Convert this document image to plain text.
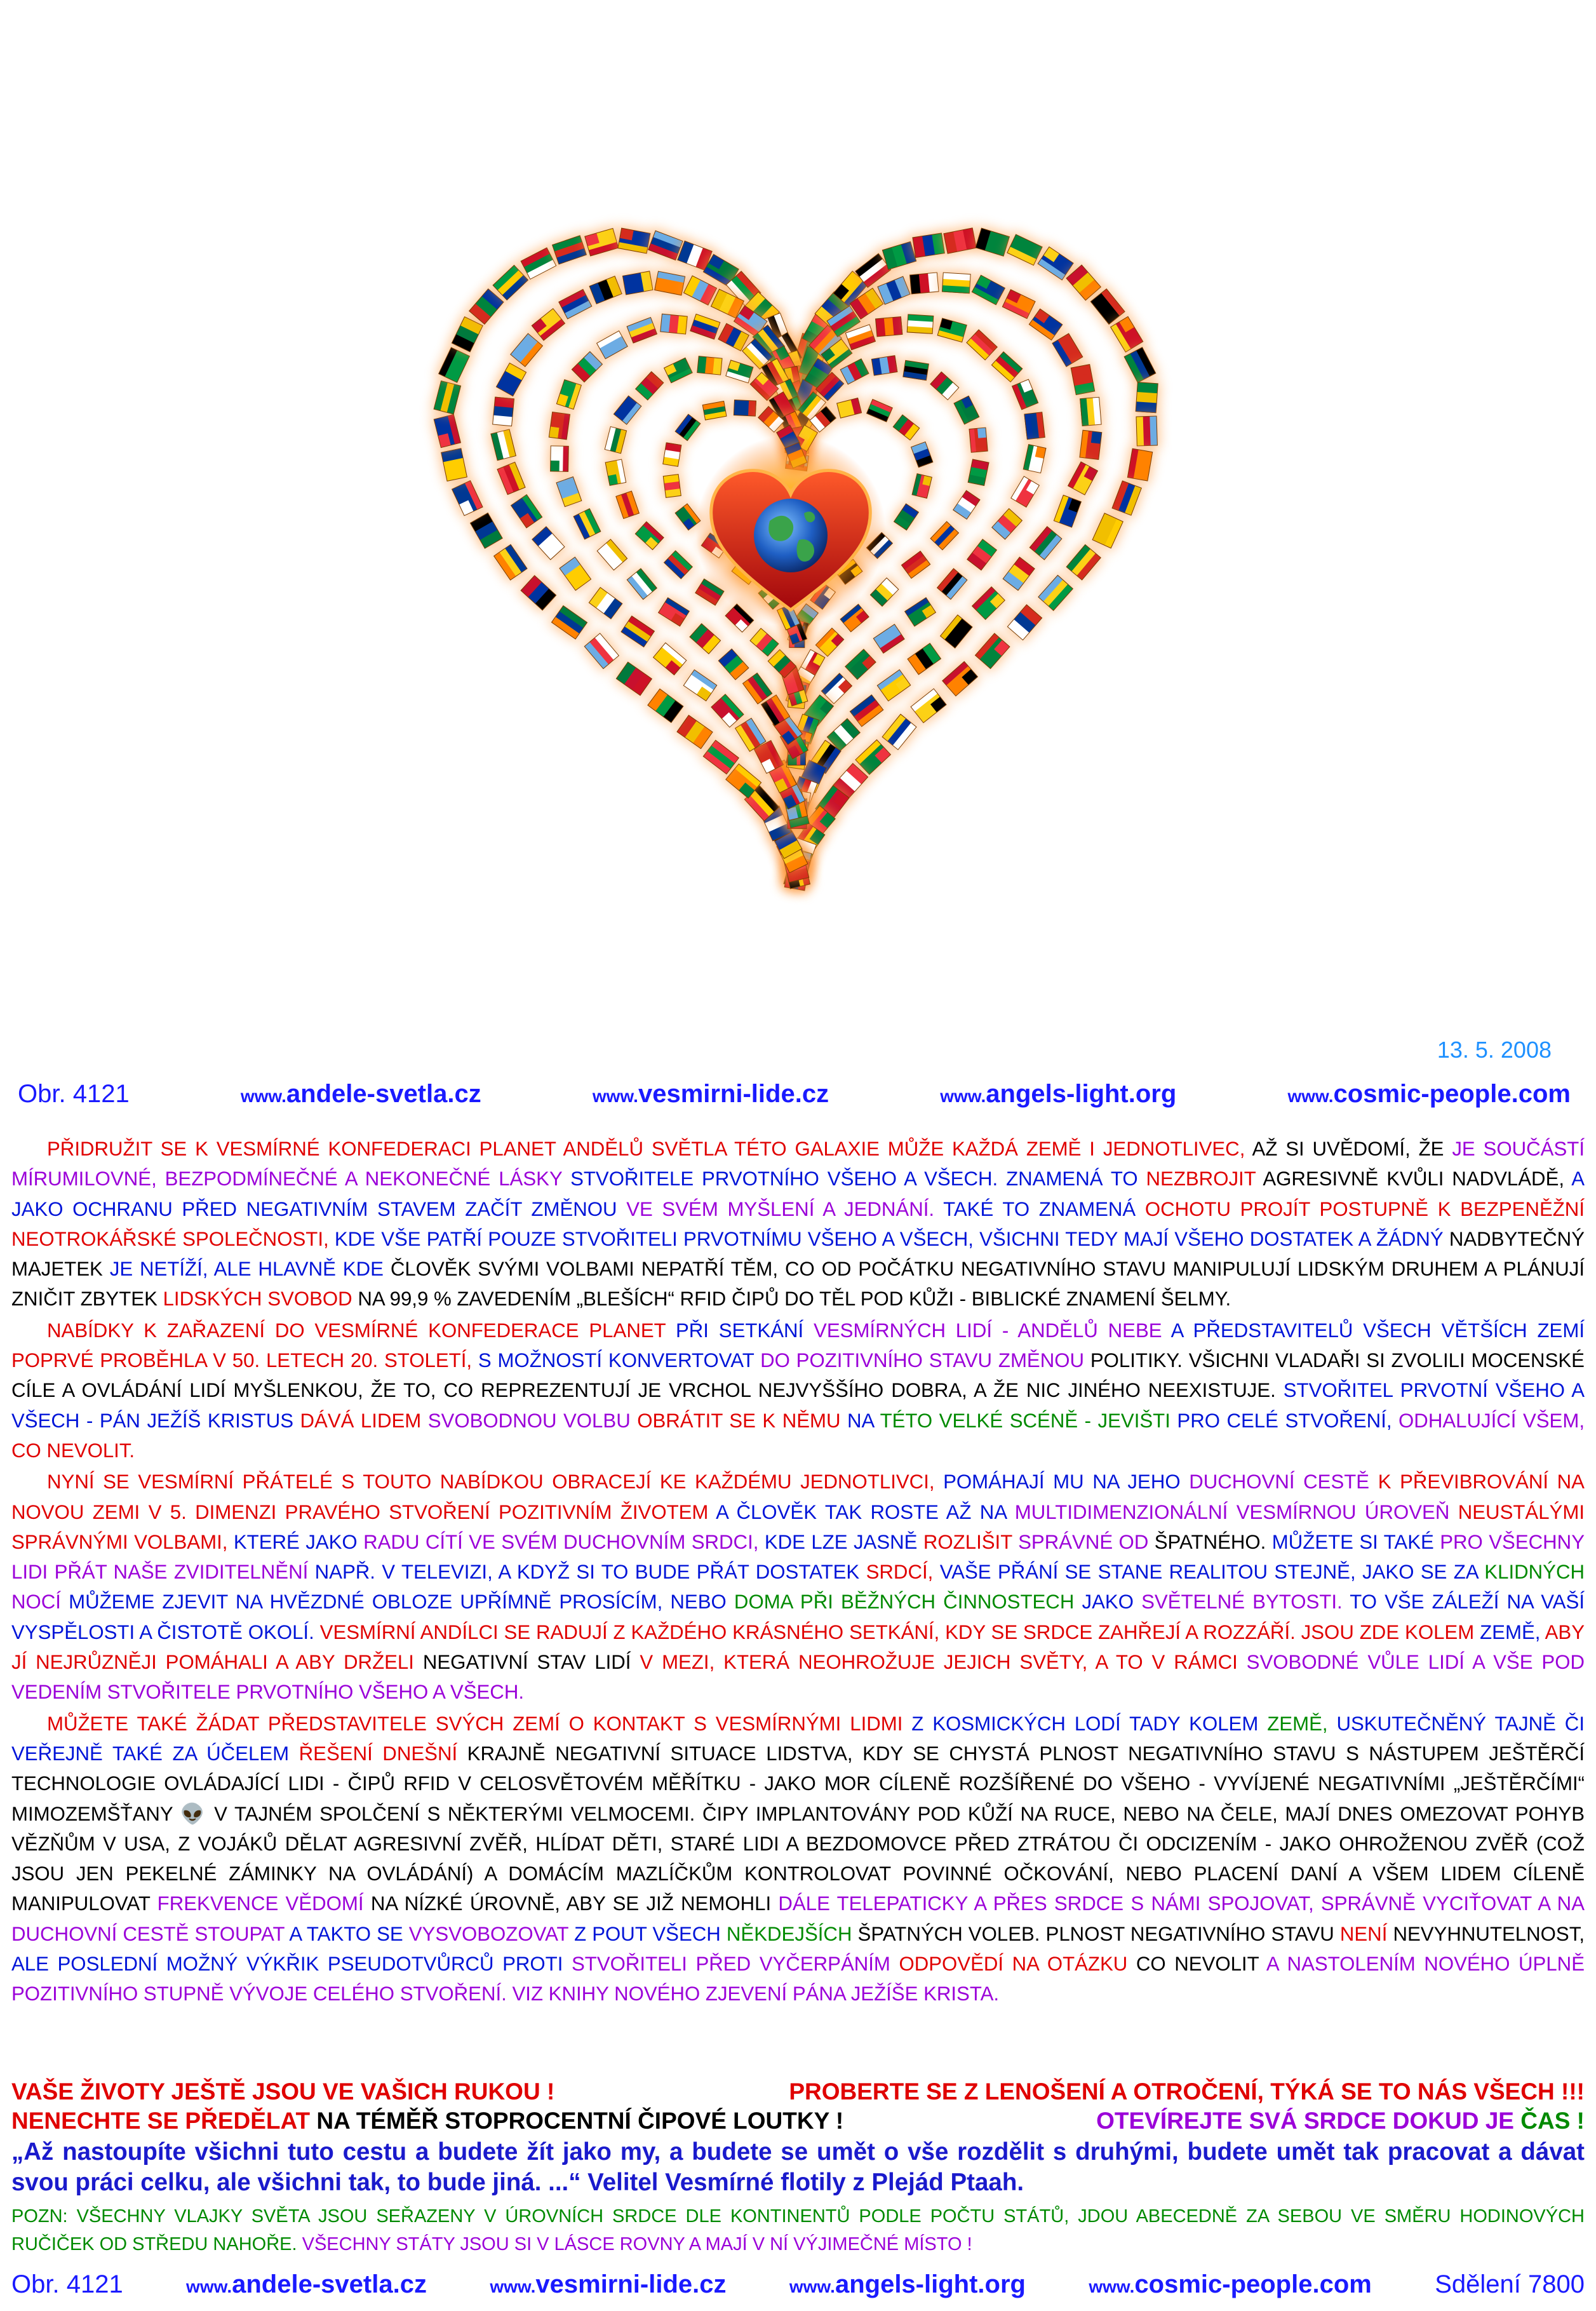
13. 5. 2008
Obr. 4121	www.andele-svetla.cz	www.vesmirni-lide.cz	www.angels-light.org	www.cosmic-people.com

PŘIDRUŽIT SE K VESMÍRNÉ KONFEDERACI PLANET ANDĚLŮ SVĚTLA TÉTO GALAXIE MŮŽE KAŽDÁ ZEMĚ I JEDNOTLIVEC, AŽ SI UVĚDOMÍ, ŽE JE SOUČÁSTÍ MÍRUMILOVNÉ, BEZPODMÍNEČNÉ A NEKONEČNÉ LÁSKY STVOŘITELE PRVOTNÍHO VŠEHO A VŠECH. ZNAMENÁ TO NEZBROJIT AGRESIVNĚ KVŮLI NADVLÁDĚ, A JAKO OCHRANU PŘED NEGATIVNÍM STAVEM ZAČÍT ZMĚNOU VE SVÉM MYŠLENÍ A JEDNÁNÍ. TAKÉ TO ZNAMENÁ OCHOTU PROJÍT POSTUPNĚ K BEZPENĚŽNÍ NEOTROKÁŘSKÉ SPOLEČNOSTI, KDE VŠE PATŘÍ POUZE STVOŘITELI PRVOTNÍMU VŠEHO A VŠECH, VŠICHNI TEDY MAJÍ VŠEHO DOSTATEK A ŽÁDNÝ NADBYTEČNÝ MAJETEK JE NETÍŽÍ, ALE HLAVNĚ KDE ČLOVĚK SVÝMI VOLBAMI NEPATŘÍ TĚM, CO OD POČÁTKU NEGATIVNÍHO STAVU MANIPULUJÍ LIDSKÝM DRUHEM A PLÁNUJÍ ZNIČIT ZBYTEK LIDSKÝCH SVOBOD NA 99,9 % ZAVEDENÍM „BLEŠÍCH“ RFID ČIPŮ DO TĚL POD KŮŽI - BIBLICKÉ ZNAMENÍ ŠELMY.

NABÍDKY K ZAŘAZENÍ DO VESMÍRNÉ KONFEDERACE PLANET PŘI SETKÁNÍ VESMÍRNÝCH LIDÍ - ANDĚLŮ NEBE A PŘEDSTAVITELŮ VŠECH VĚTŠÍCH ZEMÍ POPRVÉ PROBĚHLA V 50. LETECH 20. STOLETÍ, S MOŽNOSTÍ KONVERTOVAT DO POZITIVNÍHO STAVU ZMĚNOU POLITIKY. VŠICHNI VLADAŘI SI ZVOLILI MOCENSKÉ CÍLE A OVLÁDÁNÍ LIDÍ MYŠLENKOU, ŽE TO, CO REPREZENTUJÍ JE VRCHOL NEJVYŠŠÍHO DOBRA, A ŽE NIC JINÉHO NEEXISTUJE. STVOŘITEL PRVOTNÍ VŠEHO A VŠECH - PÁN JEŽÍŠ KRISTUS DÁVÁ LIDEM SVOBODNOU VOLBU OBRÁTIT SE K NĚMU NA TÉTO VELKÉ SCÉNĚ - JEVIŠTI PRO CELÉ STVOŘENÍ, ODHALUJÍCÍ VŠEM, CO NEVOLIT.

NYNÍ SE VESMÍRNÍ PŘÁTELÉ S TOUTO NABÍDKOU OBRACEJÍ KE KAŽDÉMU JEDNOTLIVCI, POMÁHAJÍ MU NA JEHO DUCHOVNÍ CESTĚ K PŘEVIBROVÁNÍ NA NOVOU ZEMI V 5. DIMENZI PRAVÉHO STVOŘENÍ POZITIVNÍM ŽIVOTEM A ČLOVĚK TAK ROSTE AŽ NA MULTIDIMENZIONÁLNÍ VESMÍRNOU ÚROVEŇ NEUSTÁLÝMI SPRÁVNÝMI VOLBAMI, KTERÉ JAKO RADU CÍTÍ VE SVÉM DUCHOVNÍM SRDCI, KDE LZE JASNĚ ROZLIŠIT SPRÁVNÉ OD ŠPATNÉHO. MŮŽETE SI TAKÉ PRO VŠECHNY LIDI PŘÁT NAŠE ZVIDITELNĚNÍ NAPŘ. V TELEVIZI, A KDYŽ SI TO BUDE PŘÁT DOSTATEK SRDCÍ, VAŠE PŘÁNÍ SE STANE REALITOU STEJNĚ, JAKO SE ZA KLIDNÝCH NOCÍ MŮŽEME ZJEVIT NA HVĚZDNÉ OBLOZE UPŘÍMNĚ PROSÍCÍM, NEBO DOMA PŘI BĚŽNÝCH ČINNOSTECH JAKO SVĚTELNÉ BYTOSTI. TO VŠE ZÁLEŽÍ NA VAŠÍ VYSPĚLOSTI A ČISTOTĚ OKOLÍ. VESMÍRNÍ ANDÍLCI SE RADUJÍ Z KAŽDÉHO KRÁSNÉHO SETKÁNÍ, KDY SE SRDCE ZAHŘEJÍ A ROZZÁŘÍ. JSOU ZDE KOLEM ZEMĚ, ABY JÍ NEJRŮZNĚJI POMÁHALI A ABY DRŽELI NEGATIVNÍ STAV LIDÍ V MEZI, KTERÁ NEOHROŽUJE JEJICH SVĚTY, A TO V RÁMCI SVOBODNÉ VŮLE LIDÍ A VŠE POD VEDENÍM STVOŘITELE PRVOTNÍHO VŠEHO A VŠECH.

MŮŽETE TAKÉ ŽÁDAT PŘEDSTAVITELE SVÝCH ZEMÍ O KONTAKT S VESMÍRNÝMI LIDMI Z KOSMICKÝCH LODÍ TADY KOLEM ZEMĚ, USKUTEČNĚNÝ TAJNĚ ČI VEŘEJNĚ TAKÉ ZA ÚČELEM ŘEŠENÍ DNEŠNÍ KRAJNĚ NEGATIVNÍ SITUACE LIDSTVA, KDY SE CHYSTÁ PLNOST NEGATIVNÍHO STAVU S NÁSTUPEM JEŠTĚRČÍ TECHNOLOGIE OVLÁDAJÍCÍ LIDI - ČIPŮ RFID V CELOSVĚTOVÉM MĚŘÍTKU - JAKO MOR CÍLENĚ ROZŠÍŘENÉ DO VŠEHO - VYVÍJENÉ NEGATIVNÍMI „JEŠTĚRČÍMI“ MIMOZEMŠŤANY 👽 V TAJNÉM SPOLČENÍ S NĚKTERÝMI VELMOCEMI. ČIPY IMPLANTOVÁNY POD KŮŽÍ NA RUCE, NEBO NA ČELE, MAJÍ DNES OMEZOVAT POHYB VĚZŇŮM V USA, Z VOJÁKŮ DĚLAT AGRESIVNÍ ZVĚŘ, HLÍDAT DĚTI, STARÉ LIDI A BEZDOMOVCE PŘED ZTRÁTOU ČI ODCIZENÍM - JAKO OHROŽENOU ZVĚŘ (COŽ JSOU JEN PEKELNÉ ZÁMINKY NA OVLÁDÁNÍ) A DOMÁCÍM MAZLÍČKŮM KONTROLOVAT POVINNÉ OČKOVÁNÍ, NEBO PLACENÍ DANÍ A VŠEM LIDEM CÍLENĚ MANIPULOVAT FREKVENCE VĚDOMÍ NA NÍZKÉ ÚROVNĚ, ABY SE JIŽ NEMOHLI DÁLE TELEPATICKY A PŘES SRDCE S NÁMI SPOJOVAT, SPRÁVNĚ VYCIŤOVAT A NA DUCHOVNÍ CESTĚ STOUPAT A TAKTO SE VYSVOBOZOVAT Z POUT VŠECH NĚKDEJŠÍCH ŠPATNÝCH VOLEB. PLNOST NEGATIVNÍHO STAVU NENÍ NEVYHNUTELNOST, ALE POSLEDNÍ MOŽNÝ VÝKŘIK PSEUDOTVŮRCŮ PROTI STVOŘITELI PŘED VYČERPÁNÍM ODPOVĚDÍ NA OTÁZKU CO NEVOLIT A NASTOLENÍM NOVÉHO ÚPLNĚ POZITIVNÍHO STUPNĚ VÝVOJE CELÉHO STVOŘENÍ. VIZ KNIHY NOVÉHO ZJEVENÍ PÁNA JEŽÍŠE KRISTA.

VAŠE ŽIVOTY JEŠTĚ JSOU VE VAŠICH RUKOU !	PROBERTE SE Z LENOŠENÍ A OTROČENÍ, TÝKÁ SE TO NÁS VŠECH !!!
NENECHTE SE PŘEDĚLAT NA TÉMĚŘ STOPROCENTNÍ ČIPOVÉ LOUTKY !	OTEVÍREJTE SVÁ SRDCE DOKUD JE ČAS !
„Až nastoupíte všichni tuto cestu a budete žít jako my, a budete se umět o vše rozdělit s druhými, budete umět tak pracovat a dávat svou práci celku, ale všichni tak, to bude jiná. ...“ Velitel Vesmírné flotily z Plejád Ptaah.
POZN: VŠECHNY VLAJKY SVĚTA JSOU SEŘAZENY V ÚROVNÍCH SRDCE DLE KONTINENTŮ PODLE POČTU STÁTŮ, JDOU ABECEDNĚ ZA SEBOU VE SMĚRU HODINOVÝCH RUČIČEK OD STŘEDU NAHOŘE. VŠECHNY STÁTY JSOU SI V LÁSCE ROVNY A MAJÍ V NÍ VÝJIMEČNÉ MÍSTO !
Obr. 4121	www.andele-svetla.cz	www.vesmirni-lide.cz	www.angels-light.org	www.cosmic-people.com Sdělení 7800
